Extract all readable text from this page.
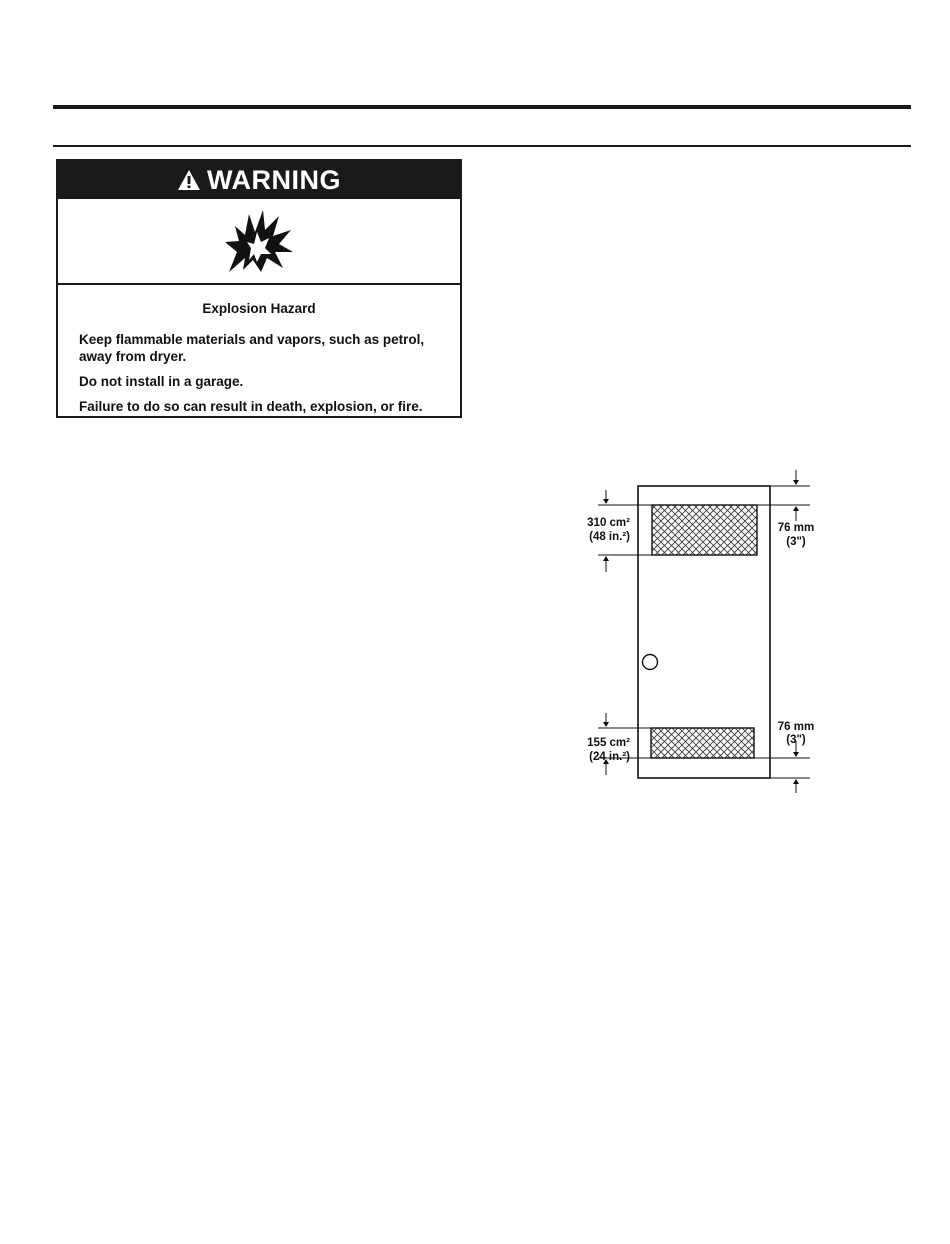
WARNING
Explosion Hazard

Keep flammable materials and vapors, such as petrol, away from dryer.

Do not install in a garage.

Failure to do so can result in death, explosion, or fire.

310 cm²
(48 in.²)
155 cm²
(24 in.²)
76 mm
(3")
76 mm
(3")
